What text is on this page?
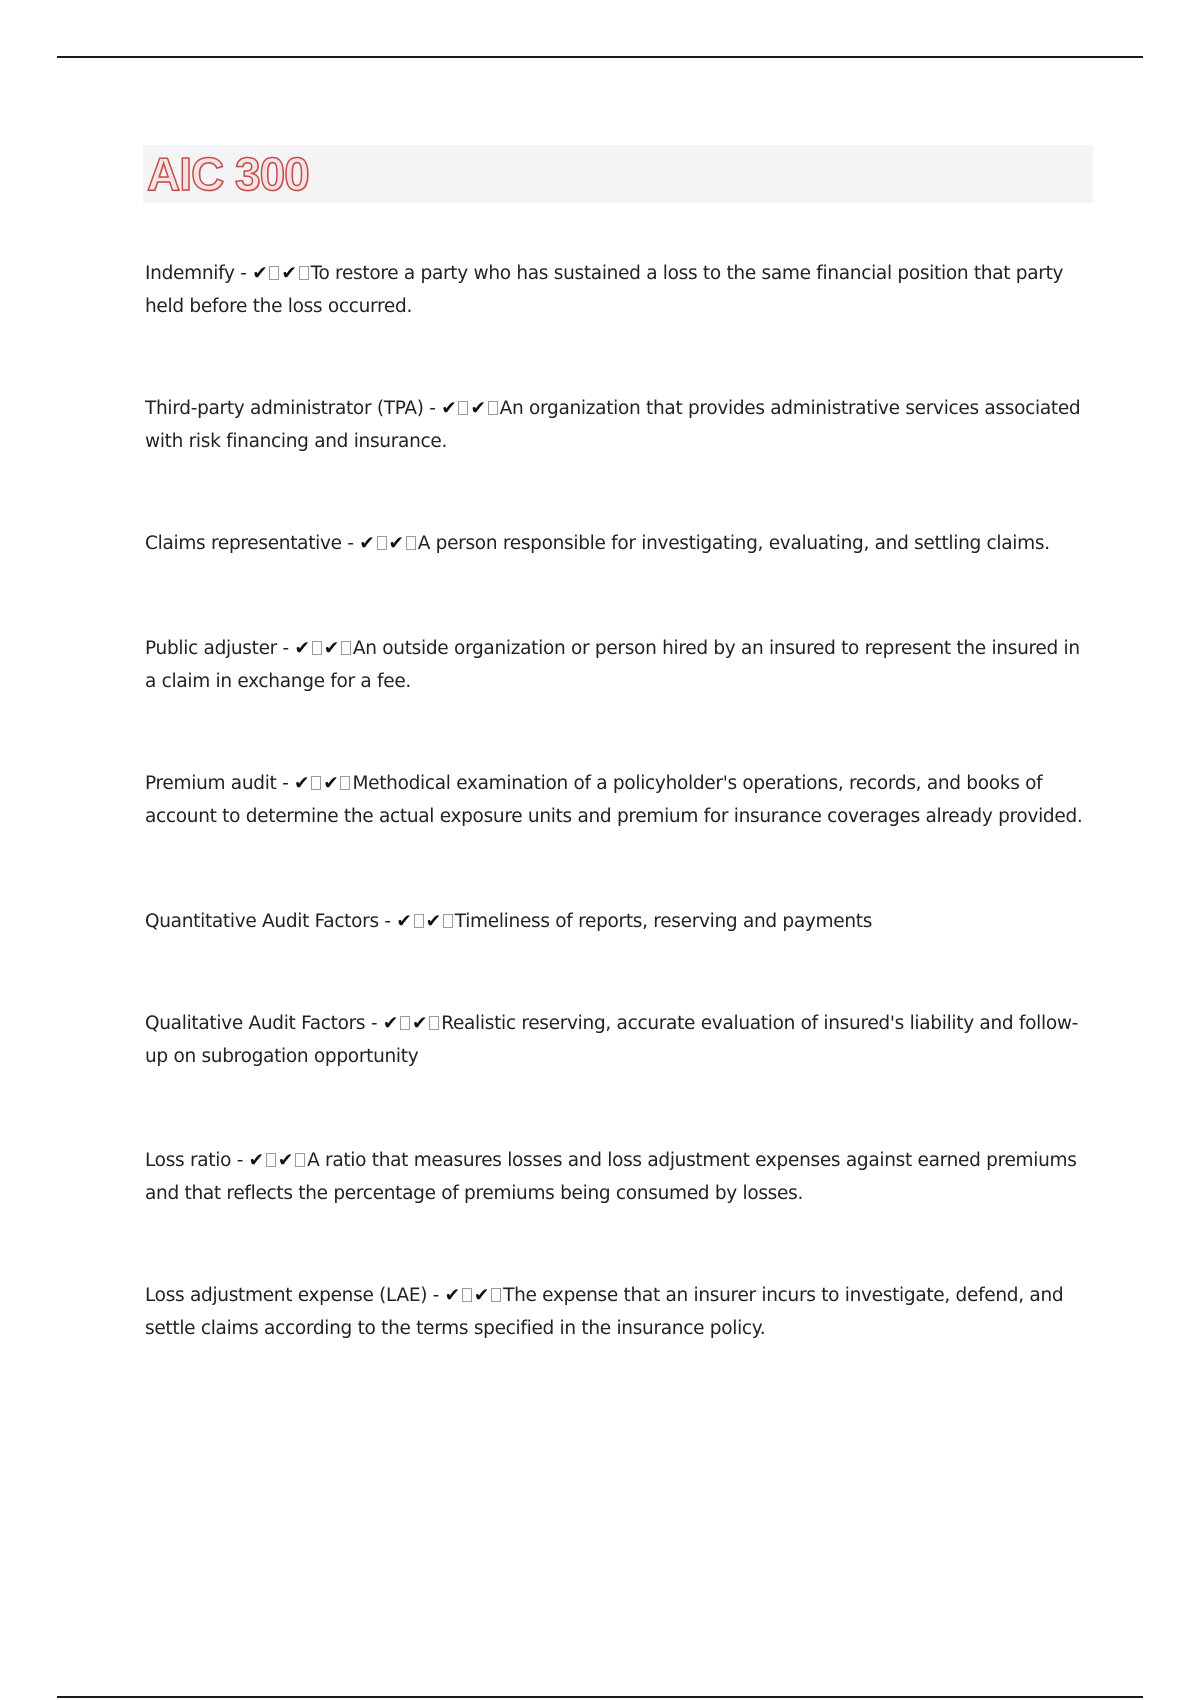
AIC 300
Indemnify - ✔ ✔ To restore a party who has sustained a loss to the same financial position that party held before the loss occurred.
Third-party administrator (TPA) - ✔ ✔ An organization that provides administrative services associated with risk financing and insurance.
Claims representative - ✔ ✔ A person responsible for investigating, evaluating, and settling claims.
Public adjuster - ✔ ✔ An outside organization or person hired by an insured to represent the insured in a claim in exchange for a fee.
Premium audit - ✔ ✔ Methodical examination of a policyholder's operations, records, and books of account to determine the actual exposure units and premium for insurance coverages already provided.
Quantitative Audit Factors - ✔ ✔ Timeliness of reports, reserving and payments
Qualitative Audit Factors - ✔ ✔ Realistic reserving, accurate evaluation of insured's liability and follow-up on subrogation opportunity
Loss ratio - ✔ ✔ A ratio that measures losses and loss adjustment expenses against earned premiums and that reflects the percentage of premiums being consumed by losses.
Loss adjustment expense (LAE) - ✔ ✔ The expense that an insurer incurs to investigate, defend, and settle claims according to the terms specified in the insurance policy.
